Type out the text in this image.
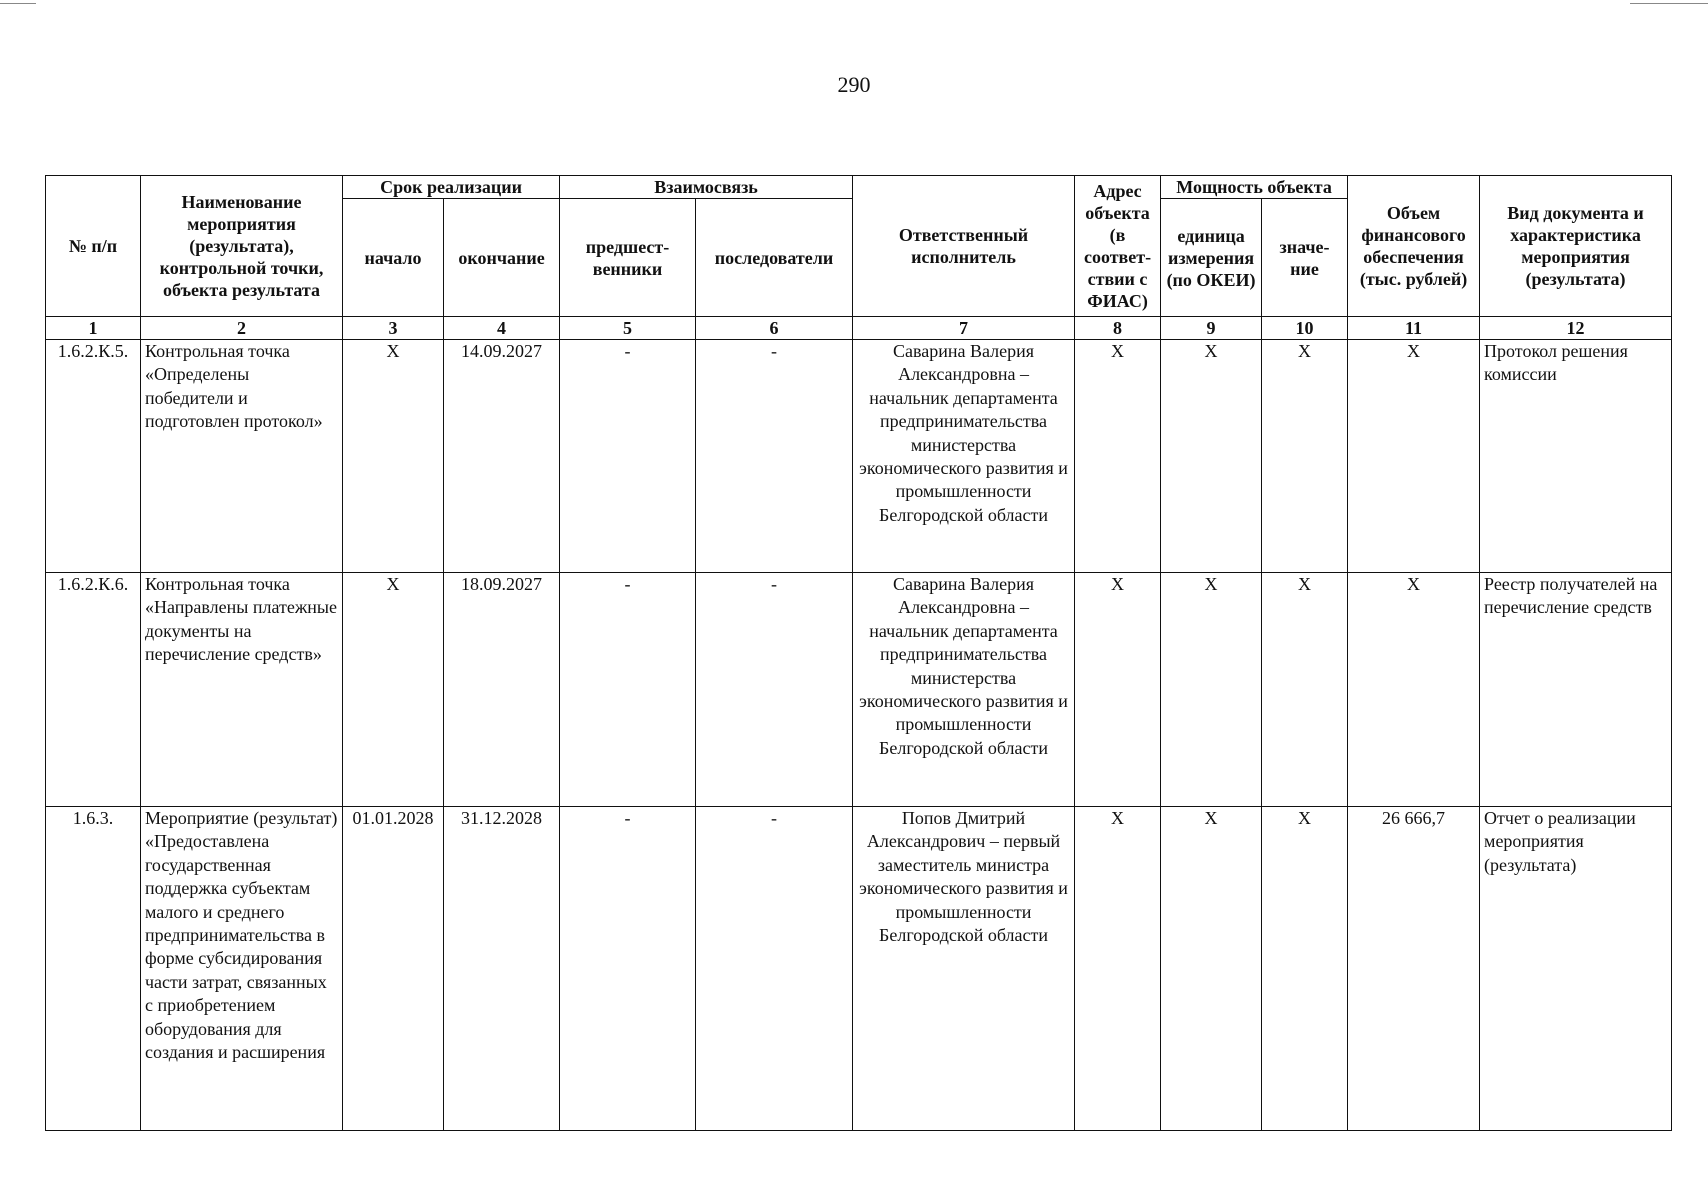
290
№ п/п	Наименование мероприятия (результата), контрольной точки, объекта результата	Срок реализации		Взаимосвязь		Ответственный исполнитель	Адрес объекта (в соответ-ствии с ФИАС)	Мощность объекта		Объем финансового обеспечения (тыс. рублей)	Вид документа и характеристика мероприятия (результата)
		начало	окончание	предшест-венники	последователи			единица измерения (по ОКЕИ)	значе-ние		
1	2	3	4	5	6	7	8	9	10	11	12
1.6.2.К.5.	Контрольная точка «Определены победители и подготовлен протокол»	X	14.09.2027	-	-	Саварина Валерия Александровна – начальник департамента предпринимательства министерства экономического развития и промышленности Белгородской области	X	X	X	X	Протокол решения комиссии
1.6.2.К.6.	Контрольная точка «Направлены платежные документы на перечисление средств»	X	18.09.2027	-	-	Саварина Валерия Александровна – начальник департамента предпринимательства министерства экономического развития и промышленности Белгородской области	X	X	X	X	Реестр получателей на перечисление средств
1.6.3.	Мероприятие (результат) «Предоставлена государственная поддержка субъектам малого и среднего предпринимательства в форме субсидирования части затрат, связанных с приобретением оборудования для создания и расширения	01.01.2028	31.12.2028	-	-	Попов Дмитрий Александрович – первый заместитель министра экономического развития и промышленности Белгородской области	X	X	X	26 666,7	Отчет о реализации мероприятия (результата)
